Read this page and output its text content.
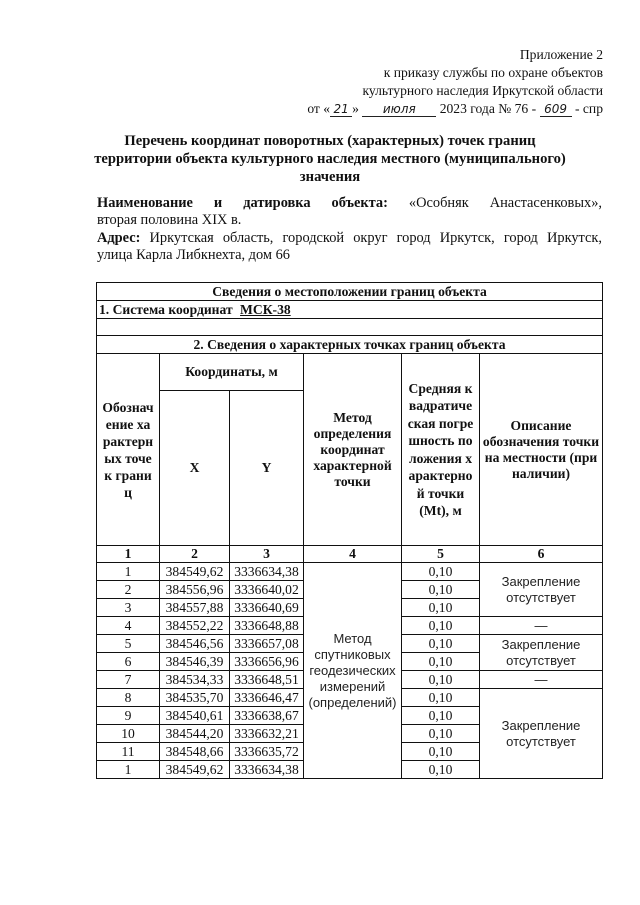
Приложение 2
к приказу службы по охране объектов
культурного наследия Иркутской области
от « 21 » июля 2023 года № 76 - 609 - спр
Перечень координат поворотных (характерных) точек границ
территории объекта культурного наследия местного (муниципального)
значения
Наименование и датировка объекта: «Особняк Анастасенковых»,
вторая половина XIX в.
Адрес: Иркутская область, городской округ город Иркутск, город Иркутск,
улица Карла Либкнехта, дом 66
Сведения о местоположении границ объекта					
1. Система координат МСК-38					

2. Сведения о характерных точках границ объекта					

Обозначение характерных точек границ	Координаты, м		Метод определения координат характерной точки	Средняя квадратическая погрешность положения характерной точки (Mt), м	Описание обозначения точки на местности (при наличии)
	X	Y			
1	2	3	4	5	6
1	384549,62	3336634,38	Метод спутниковых геодезических измерений (определений)	0,10	Закрепление отсутствует
2	384556,96	3336640,02		0,10	
3	384557,88	3336640,69		0,10	
4	384552,22	3336648,88		0,10	—
5	384546,56	3336657,08		0,10	Закрепление отсутствует
6	384546,39	3336656,96		0,10	
7	384534,33	3336648,51		0,10	—
8	384535,70	3336646,47		0,10	Закрепление отсутствует
9	384540,61	3336638,67		0,10	
10	384544,20	3336632,21		0,10	
11	384548,66	3336635,72		0,10	
1	384549,62	3336634,38		0,10	
